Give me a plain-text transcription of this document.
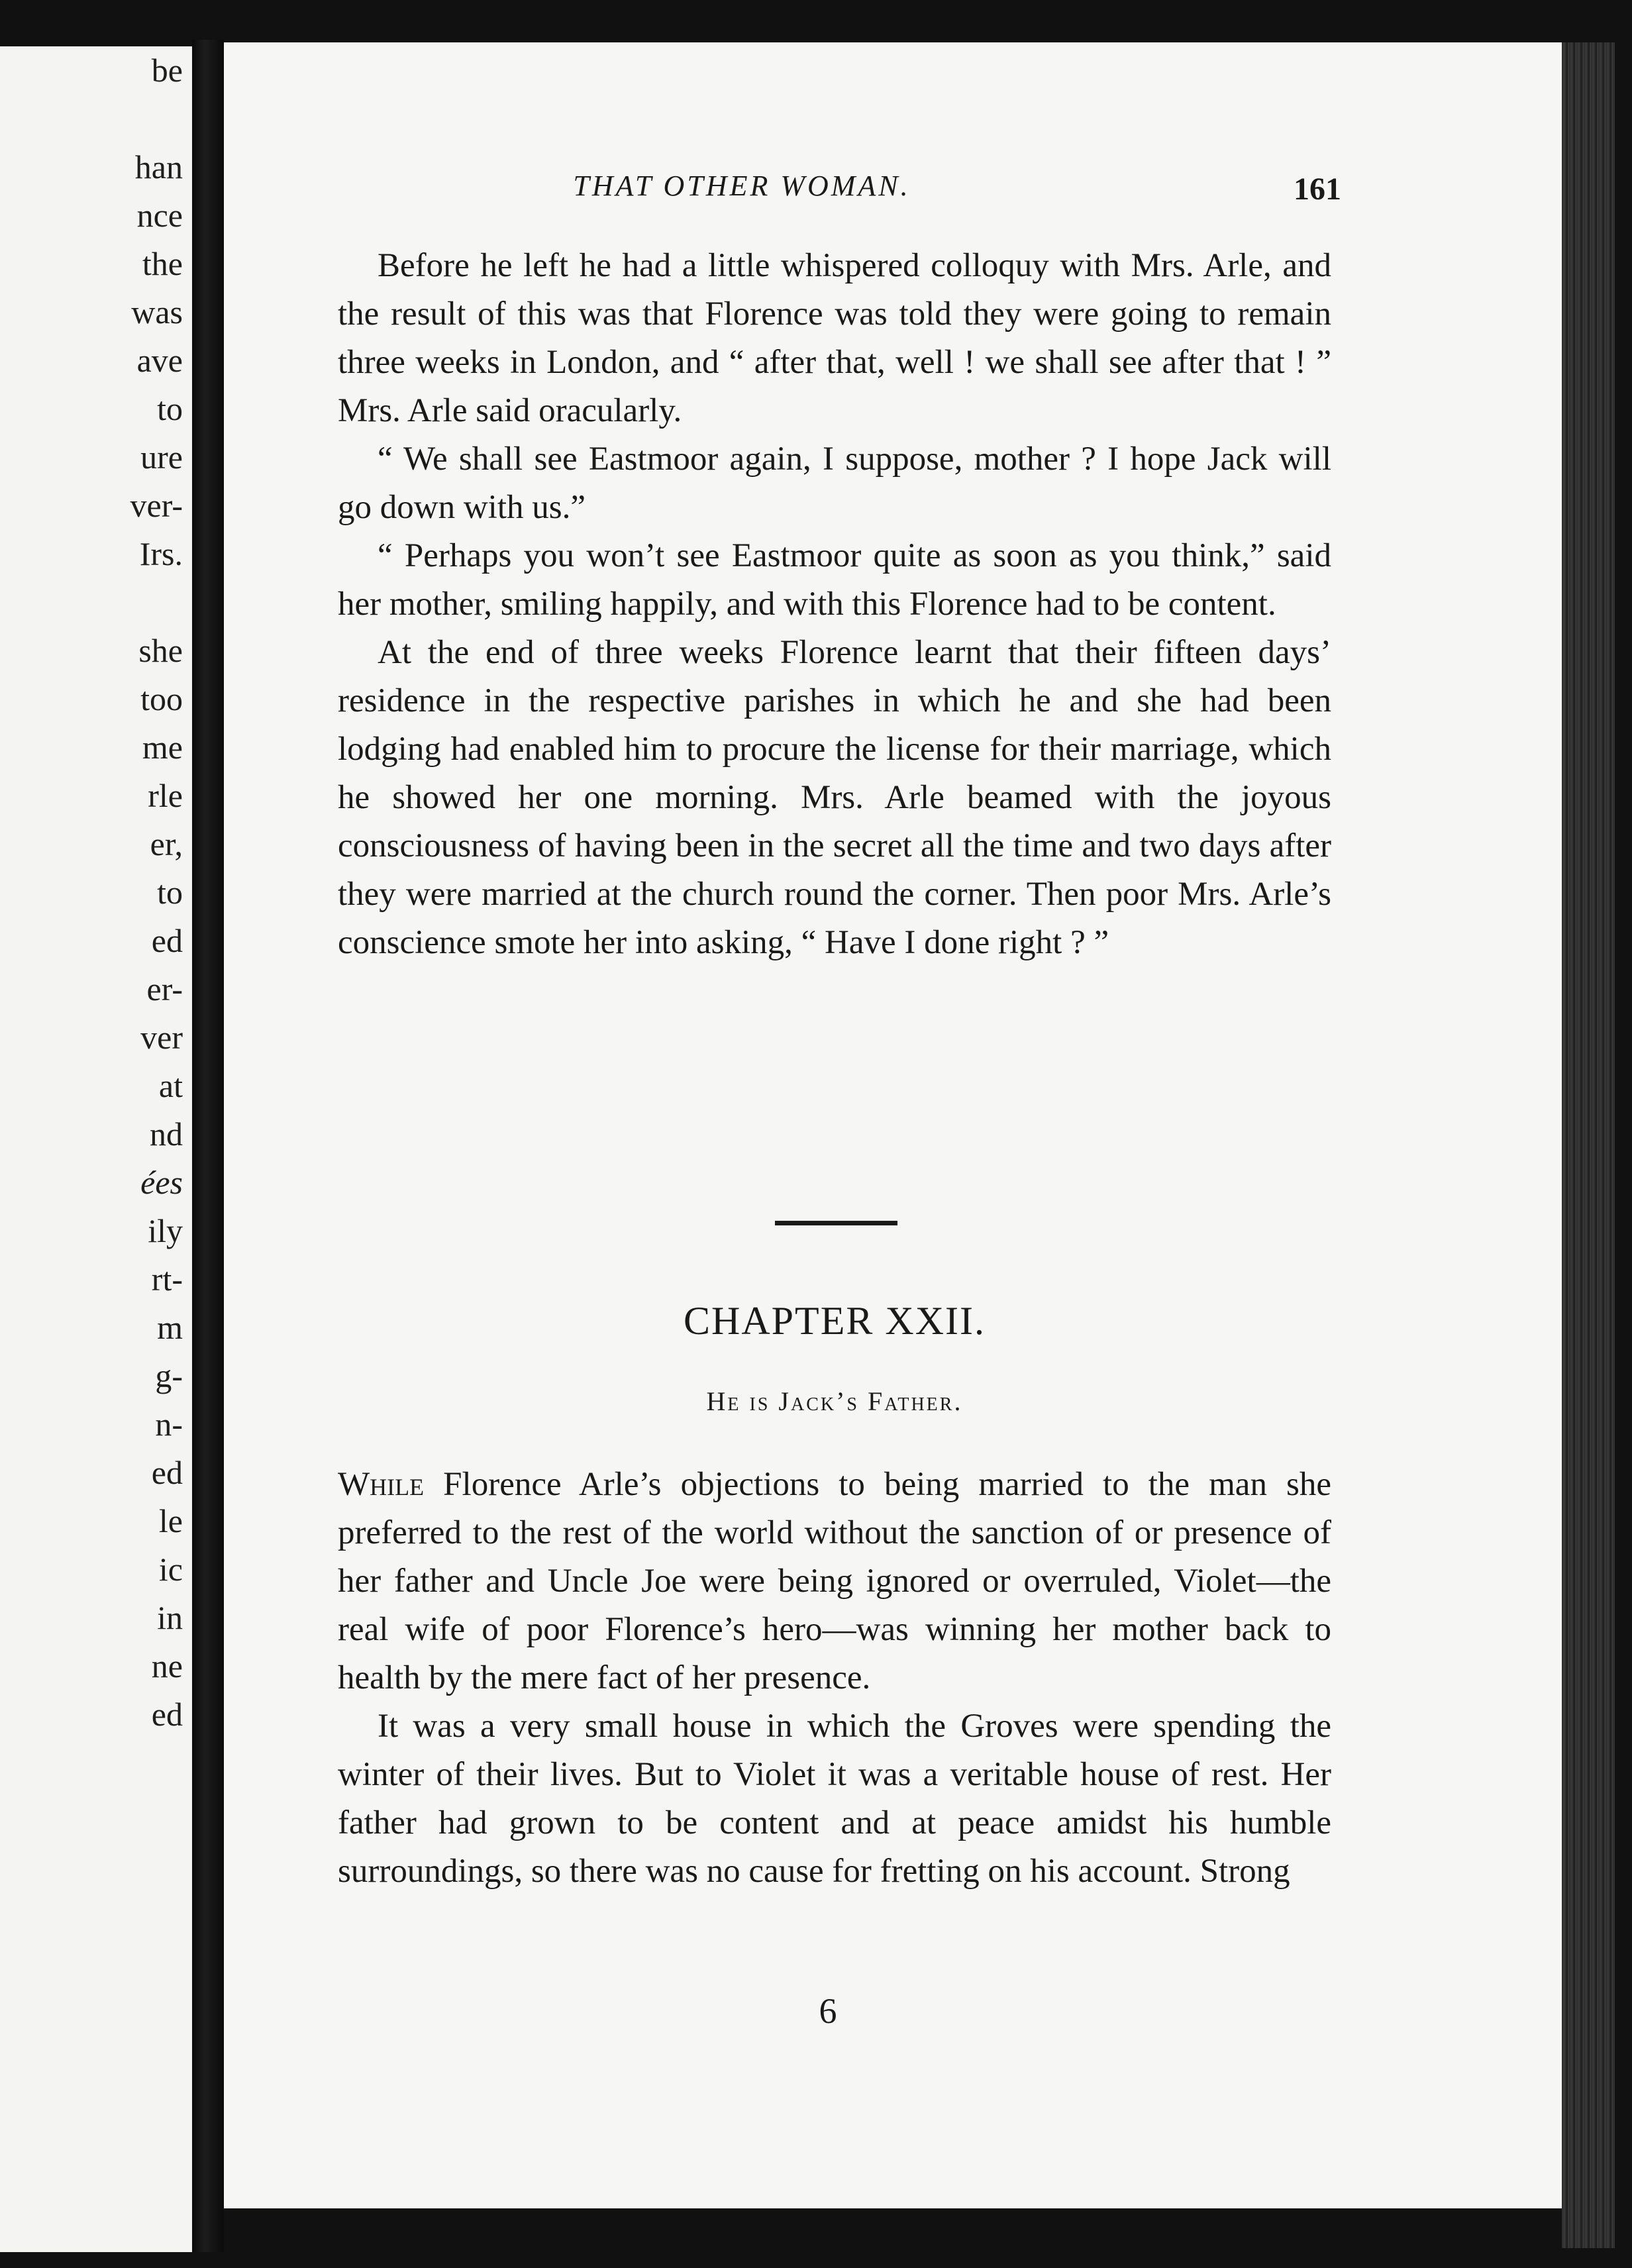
be
han
nce
the
was
ave
to
ure
ver-
Irs.
she
too
me
rle
er,
to
ed
er-
ver
at
nd
ées
ily
rt-
m
g-
n-
ed
le
ic
in
ne
ed
THAT OTHER WOMAN.	161

Before he left he had a little whispered colloquy with Mrs. Arle, and the result of this was that Florence was told they were going to remain three weeks in London, and “ after that, well ! we shall see after that ! ” Mrs. Arle said oracularly.

“ We shall see Eastmoor again, I suppose, mother ? I hope Jack will go down with us.”

“ Perhaps you won’t see Eastmoor quite as soon as you think,” said her mother, smiling happily, and with this Florence had to be content.

At the end of three weeks Florence learnt that their fifteen days’ residence in the respective parishes in which he and she had been lodging had enabled him to procure the license for their marriage, which he showed her one morning. Mrs. Arle beamed with the joyous consciousness of having been in the secret all the time and two days after they were married at the church round the corner. Then poor Mrs. Arle’s conscience smote her into asking, “ Have I done right ? ”

CHAPTER XXII.
He is Jack’s Father.

While Florence Arle’s objections to being married to the man she preferred to the rest of the world without the sanction of or presence of her father and Uncle Joe were being ignored or overruled, Violet—the real wife of poor Florence’s hero—was winning her mother back to health by the mere fact of her presence.

It was a very small house in which the Groves were spending the winter of their lives. But to Violet it was a veritable house of rest. Her father had grown to be content and at peace amidst his humble surroundings, so there was no cause for fretting on his account. Strong

6
